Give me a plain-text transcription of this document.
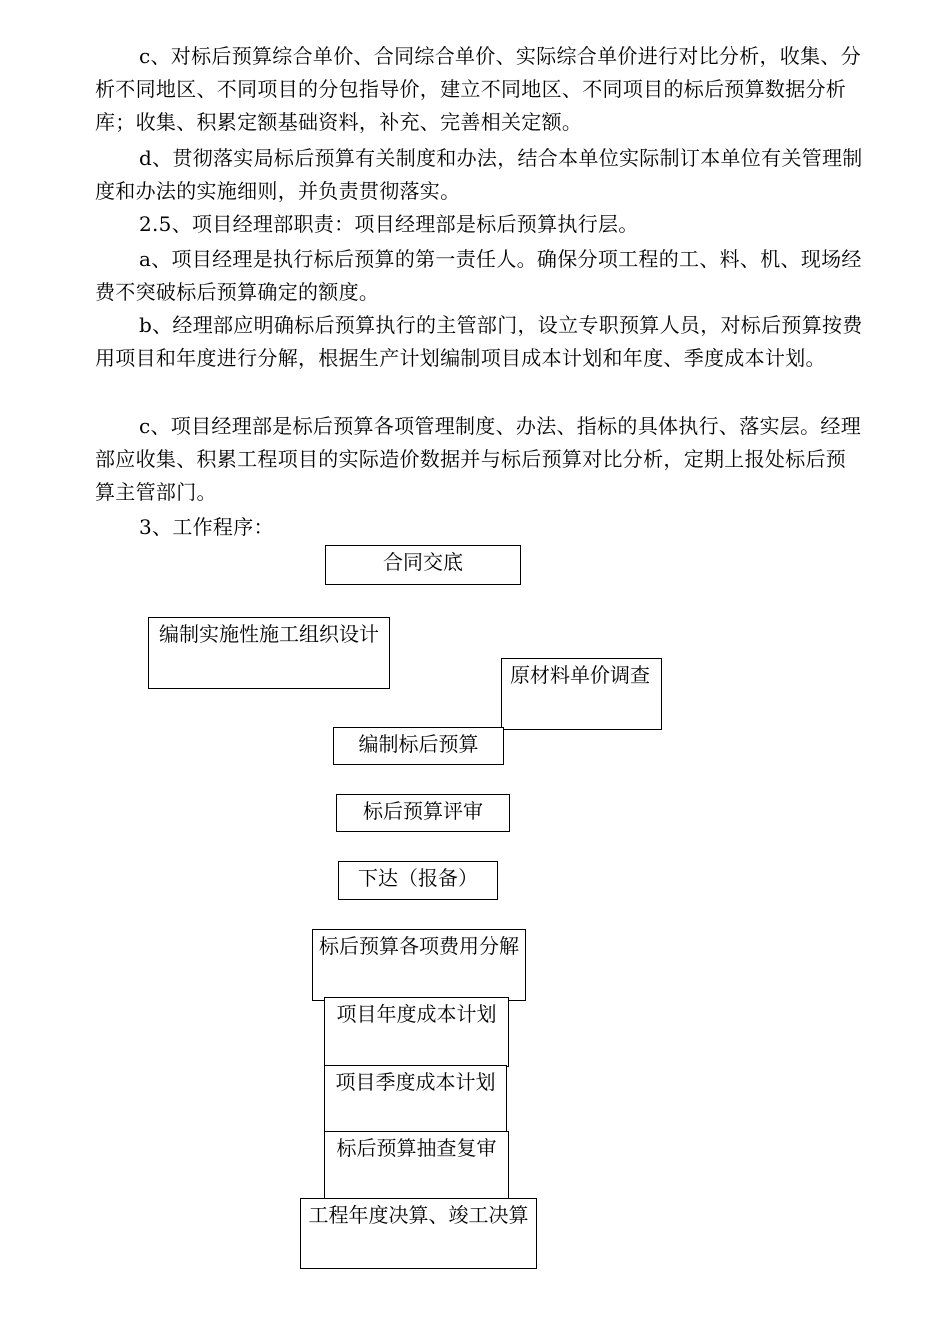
c、对标后预算综合单价、合同综合单价、实际综合单价进行对比分析，收集、分析不同地区、不同项目的分包指导价，建立不同地区、不同项目的标后预算数据分析库；收集、积累定额基础资料，补充、完善相关定额。

d、贯彻落实局标后预算有关制度和办法，结合本单位实际制订本单位有关管理制度和办法的实施细则，并负责贯彻落实。

2.5、项目经理部职责：项目经理部是标后预算执行层。

a、项目经理是执行标后预算的第一责任人。确保分项工程的工、料、机、现场经费不突破标后预算确定的额度。

b、经理部应明确标后预算执行的主管部门，设立专职预算人员，对标后预算按费用项目和年度进行分解，根据生产计划编制项目成本计划和年度、季度成本计划。

c、项目经理部是标后预算各项管理制度、办法、指标的具体执行、落实层。经理部应收集、积累工程项目的实际造价数据并与标后预算对比分析，定期上报处标后预算主管部门。

3、工作程序：

合同交底
编制实施性施工组织设计
原材料单价调查
编制标后预算
标后预算评审
下达（报备）
标后预算各项费用分解
项目年度成本计划
项目季度成本计划
标后预算抽查复审
工程年度决算、竣工决算
